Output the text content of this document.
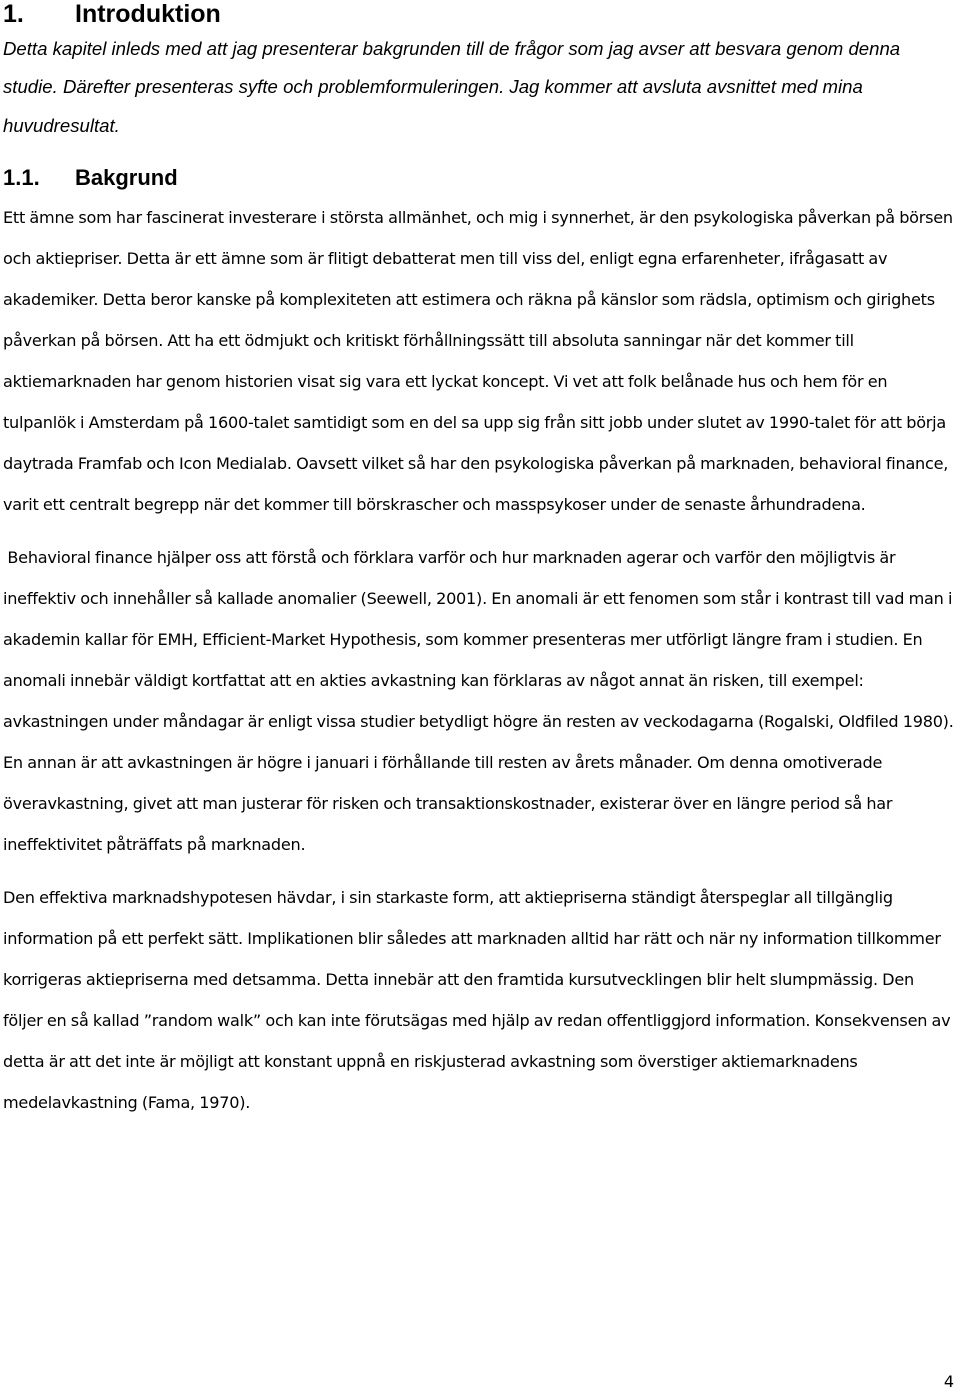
1.	Introduktion

Detta kapitel inleds med att jag presenterar bakgrunden till de frågor som jag avser att besvara genom denna studie. Därefter presenteras syfte och problemformuleringen. Jag kommer att avsluta avsnittet med mina huvudresultat.

1.1.	Bakgrund

Ett ämne som har fascinerat investerare i största allmänhet, och mig i synnerhet, är den psykologiska påverkan på börsen och aktiepriser. Detta är ett ämne som är flitigt debatterat men till viss del, enligt egna erfarenheter, ifrågasatt av akademiker. Detta beror kanske på komplexiteten att estimera och räkna på känslor som rädsla, optimism och girighets påverkan på börsen. Att ha ett ödmjukt och kritiskt förhållningssätt till absoluta sanningar när det kommer till aktiemarknaden har genom historien visat sig vara ett lyckat koncept. Vi vet att folk belånade hus och hem för en tulpanlök i Amsterdam på 1600-talet samtidigt som en del sa upp sig från sitt jobb under slutet av 1990-talet för att börja daytrada Framfab och Icon Medialab. Oavsett vilket så har den psykologiska påverkan på marknaden, behavioral finance, varit ett centralt begrepp när det kommer till börskrascher och masspsykoser under de senaste århundradena.

Behavioral finance hjälper oss att förstå och förklara varför och hur marknaden agerar och varför den möjligtvis är ineffektiv och innehåller så kallade anomalier (Seewell, 2001). En anomali är ett fenomen som står i kontrast till vad man i akademin kallar för EMH, Efficient-Market Hypothesis, som kommer presenteras mer utförligt längre fram i studien. En anomali innebär väldigt kortfattat att en akties avkastning kan förklaras av något annat än risken, till exempel: avkastningen under måndagar är enligt vissa studier betydligt högre än resten av veckodagarna (Rogalski, Oldfiled 1980). En annan är att avkastningen är högre i januari i förhållande till resten av årets månader. Om denna omotiverade överavkastning, givet att man justerar för risken och transaktionskostnader, existerar över en längre period så har ineffektivitet påträffats på marknaden.

Den effektiva marknadshypotesen hävdar, i sin starkaste form, att aktiepriserna ständigt återspeglar all tillgänglig information på ett perfekt sätt. Implikationen blir således att marknaden alltid har rätt och när ny information tillkommer korrigeras aktiepriserna med detsamma. Detta innebär att den framtida kursutvecklingen blir helt slumpmässig. Den följer en så kallad ”random walk” och kan inte förutsägas med hjälp av redan offentliggjord information. Konsekvensen av detta är att det inte är möjligt att konstant uppnå en riskjusterad avkastning som överstiger aktiemarknadens medelavkastning (Fama, 1970).

4
